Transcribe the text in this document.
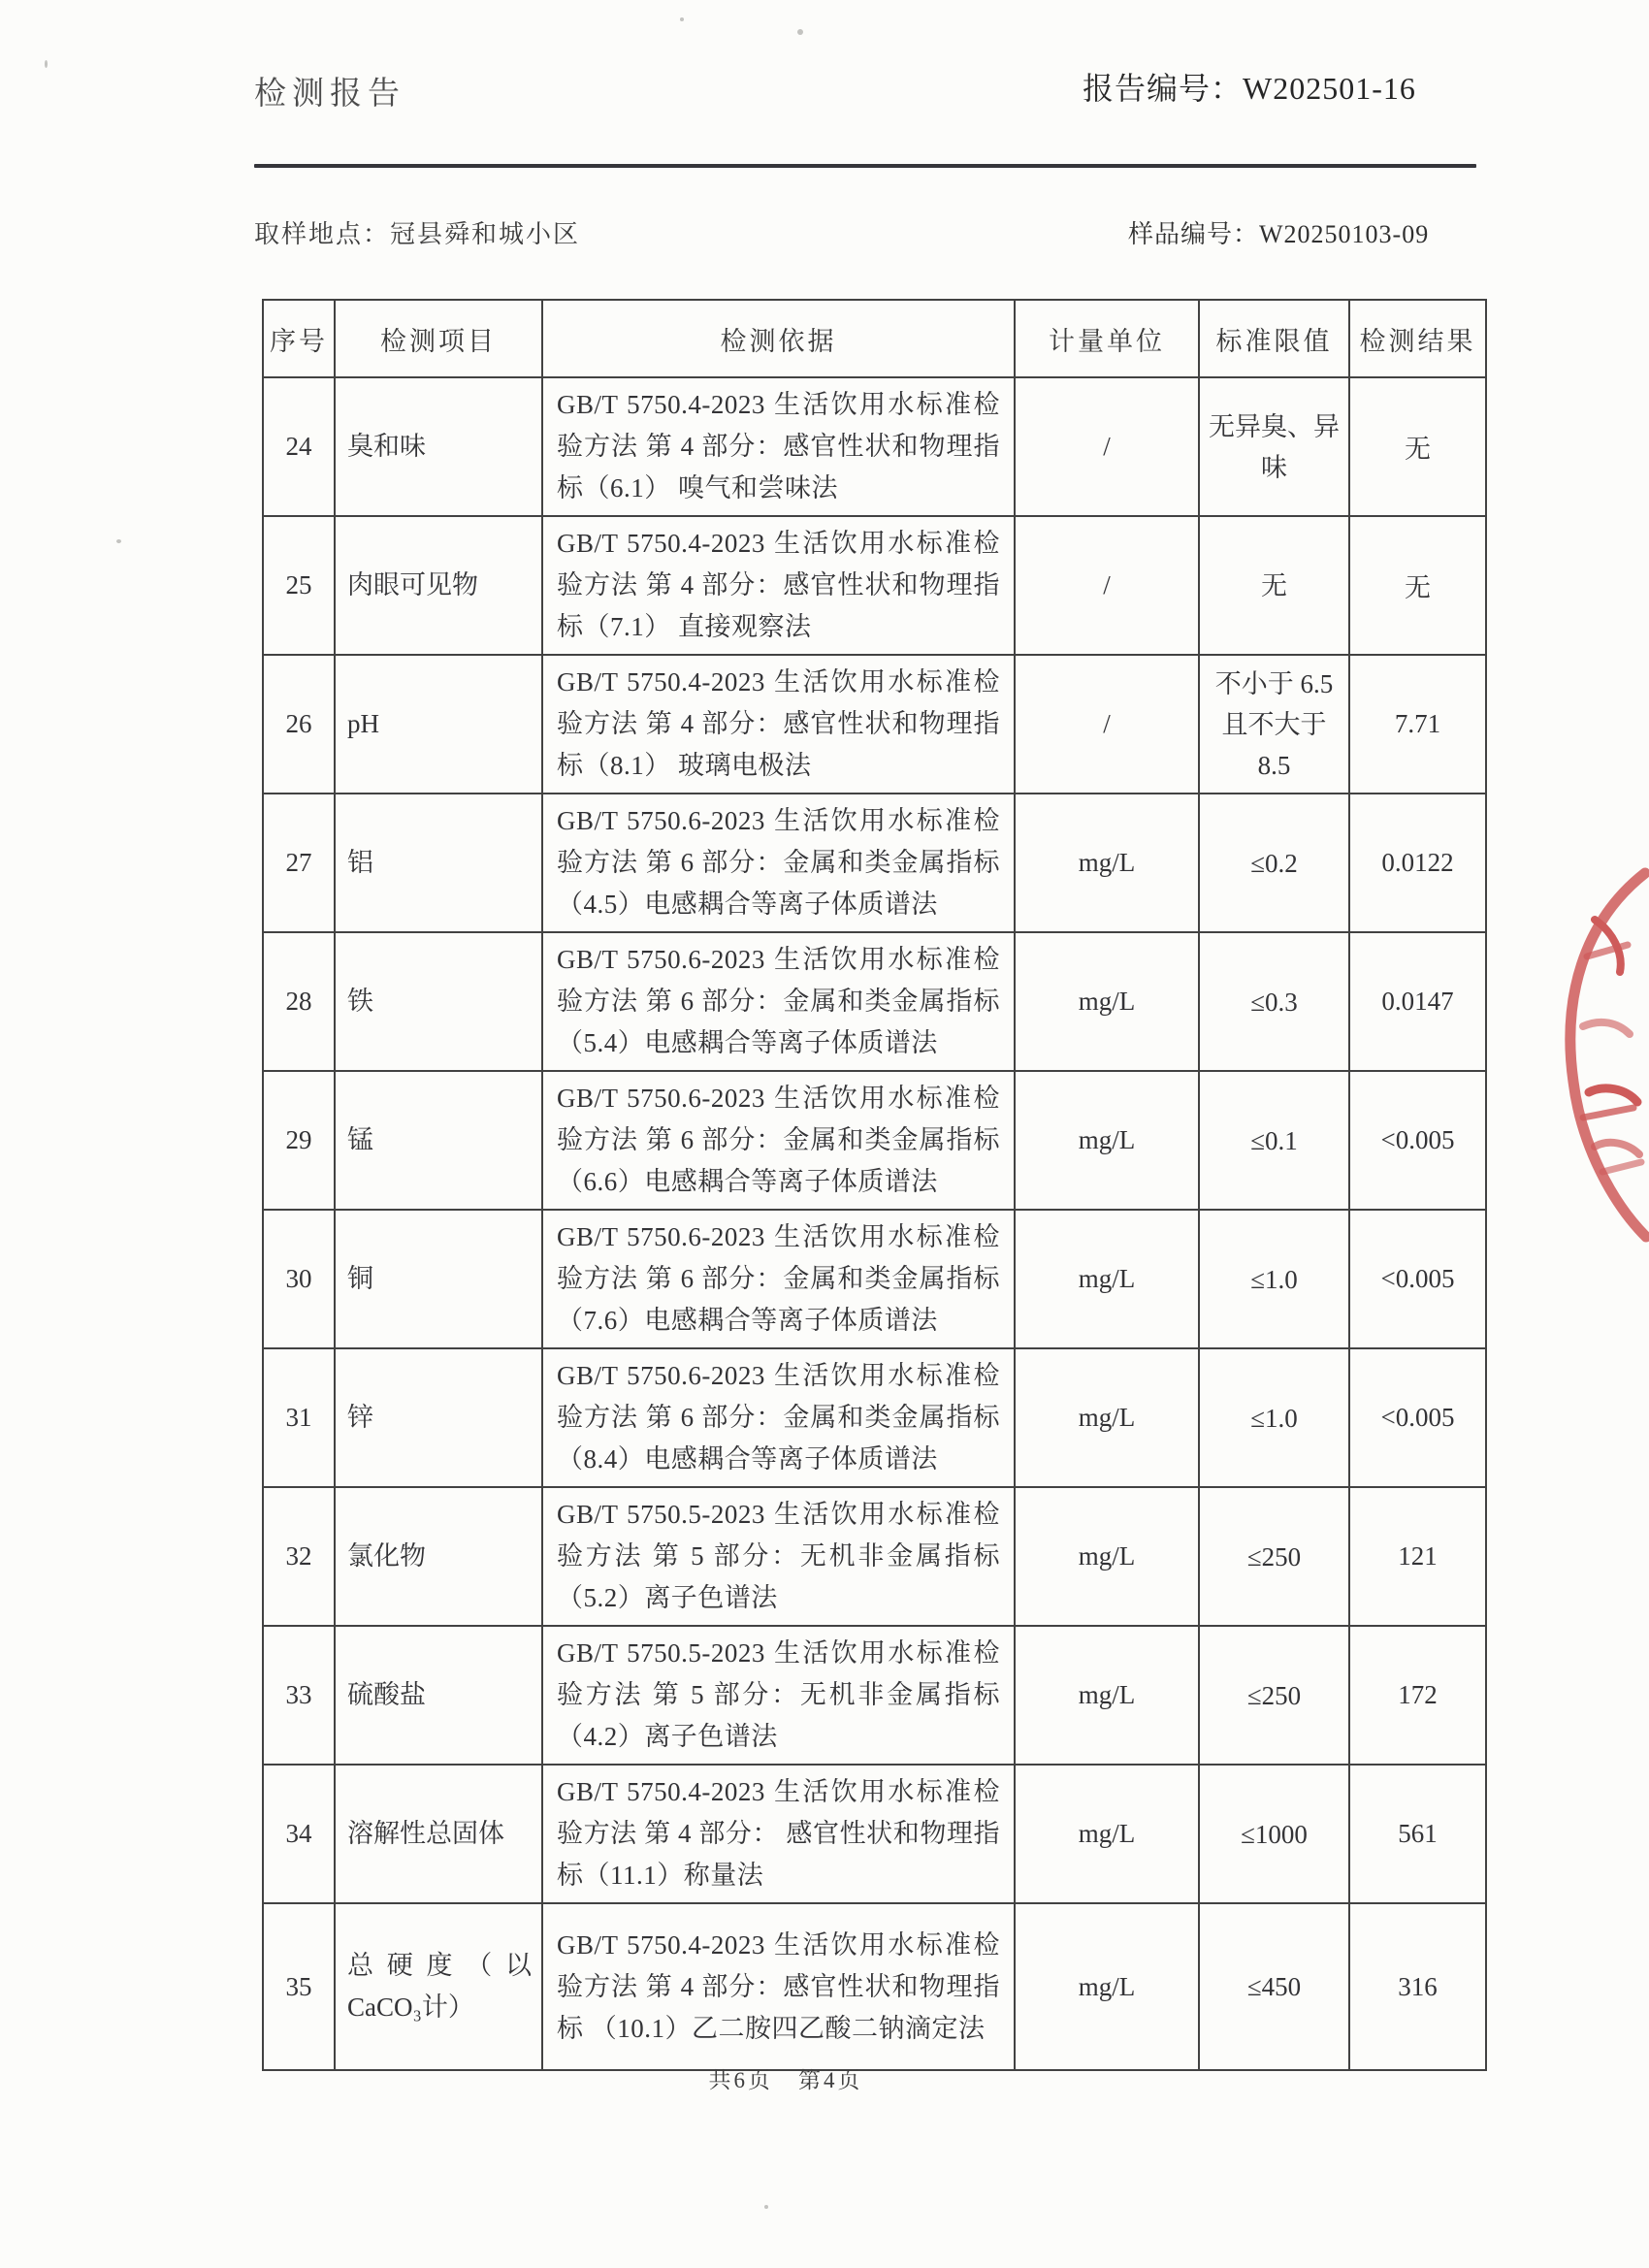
检测报告	报告编号：W202501-16
取样地点：冠县舜和城小区	样品编号：W20250103-09
序号	检测项目	检测依据	计量单位	标准限值	检测结果
24	臭和味	GB/T 5750.4-2023 生活饮用水标准检验方法 第 4 部分：感官性状和物理指标（6.1） 嗅气和尝味法	/	无异臭、异味	无
25	肉眼可见物	GB/T 5750.4-2023 生活饮用水标准检验方法 第 4 部分：感官性状和物理指标（7.1） 直接观察法	/	无	无
26	pH	GB/T 5750.4-2023 生活饮用水标准检验方法 第 4 部分：感官性状和物理指标（8.1） 玻璃电极法	/	不小于 6.5 且不大于 8.5	7.71
27	铝	GB/T 5750.6-2023 生活饮用水标准检验方法 第 6 部分：金属和类金属指标（4.5）电感耦合等离子体质谱法	mg/L	≤0.2	0.0122
28	铁	GB/T 5750.6-2023 生活饮用水标准检验方法 第 6 部分：金属和类金属指标（5.4）电感耦合等离子体质谱法	mg/L	≤0.3	0.0147
29	锰	GB/T 5750.6-2023 生活饮用水标准检验方法 第 6 部分：金属和类金属指标（6.6）电感耦合等离子体质谱法	mg/L	≤0.1	<0.005
30	铜	GB/T 5750.6-2023 生活饮用水标准检验方法 第 6 部分：金属和类金属指标（7.6）电感耦合等离子体质谱法	mg/L	≤1.0	<0.005
31	锌	GB/T 5750.6-2023 生活饮用水标准检验方法 第 6 部分：金属和类金属指标（8.4）电感耦合等离子体质谱法	mg/L	≤1.0	<0.005
32	氯化物	GB/T 5750.5-2023 生活饮用水标准检验方法 第 5 部分：无机非金属指标（5.2）离子色谱法	mg/L	≤250	121
33	硫酸盐	GB/T 5750.5-2023 生活饮用水标准检验方法 第 5 部分：无机非金属指标（4.2）离子色谱法	mg/L	≤250	172
34	溶解性总固体	GB/T 5750.4-2023 生活饮用水标准检验方法 第 4 部分： 感官性状和物理指标（11.1）称量法	mg/L	≤1000	561
35	总硬度（以CaCO₃计）	GB/T 5750.4-2023 生活饮用水标准检验方法 第 4 部分：感官性状和物理指标 （10.1）乙二胺四乙酸二钠滴定法	mg/L	≤450	316
共6页　第4页
